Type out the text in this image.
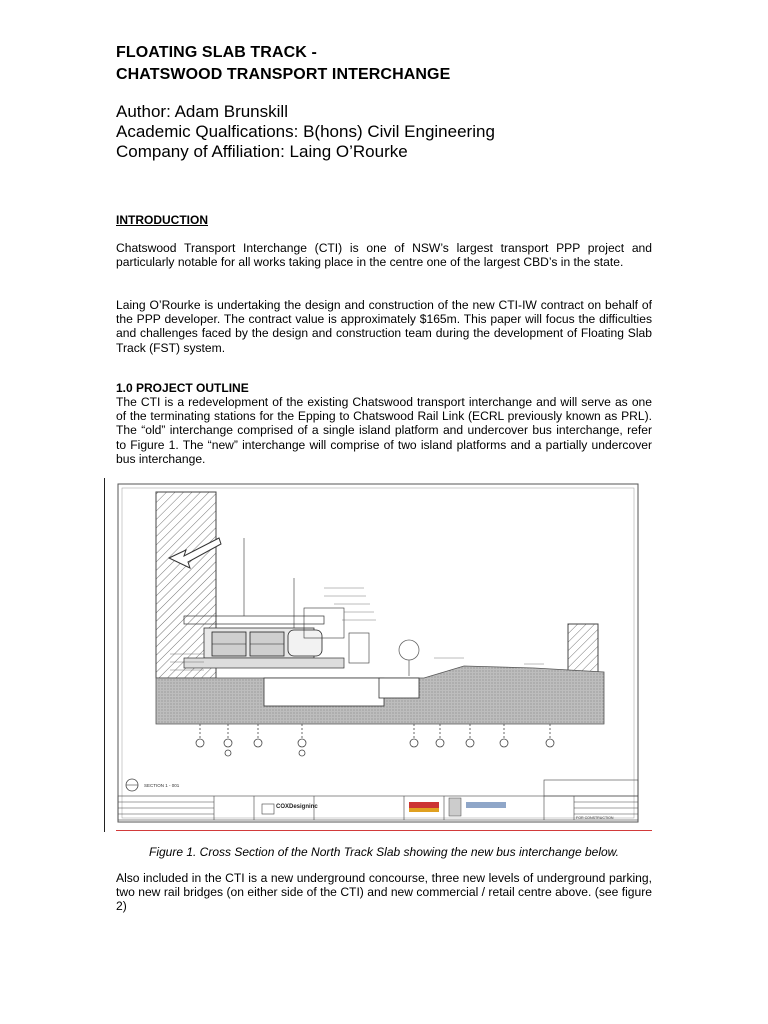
FLOATING SLAB TRACK -
CHATSWOOD TRANSPORT INTERCHANGE
Author: Adam Brunskill
Academic Qualfications: B(hons) Civil Engineering
Company of Affiliation: Laing O’Rourke
INTRODUCTION

Chatswood Transport Interchange (CTI) is one of NSW’s largest transport PPP project and particularly notable for all works taking place in the centre one of the largest CBD’s in the state.

Laing O’Rourke is undertaking the design and construction of the new CTI-IW contract on behalf of the PPP developer. The contract value is approximately $165m. This paper will focus the difficulties and challenges faced by the design and construction team during the development of Floating Slab Track (FST) system.

1.0 PROJECT OUTLINE

The CTI is a redevelopment of the existing Chatswood transport interchange and will serve as one of the terminating stations for the Epping to Chatswood Rail Link (ECRL previously known as PRL). The “old” interchange comprised of a single island platform and undercover bus interchange, refer to Figure 1. The “new” interchange will comprise of two island platforms and a partially undercover bus interchange.

SECTION 1 - 001
COXDesigninc
FOR CONSTRUCTION
Figure 1. Cross Section of the North Track Slab showing the new bus interchange below.

Also included in the CTI is a new underground concourse, three new levels of underground parking, two new rail bridges (on either side of the CTI) and new commercial / retail centre above. (see figure 2)
